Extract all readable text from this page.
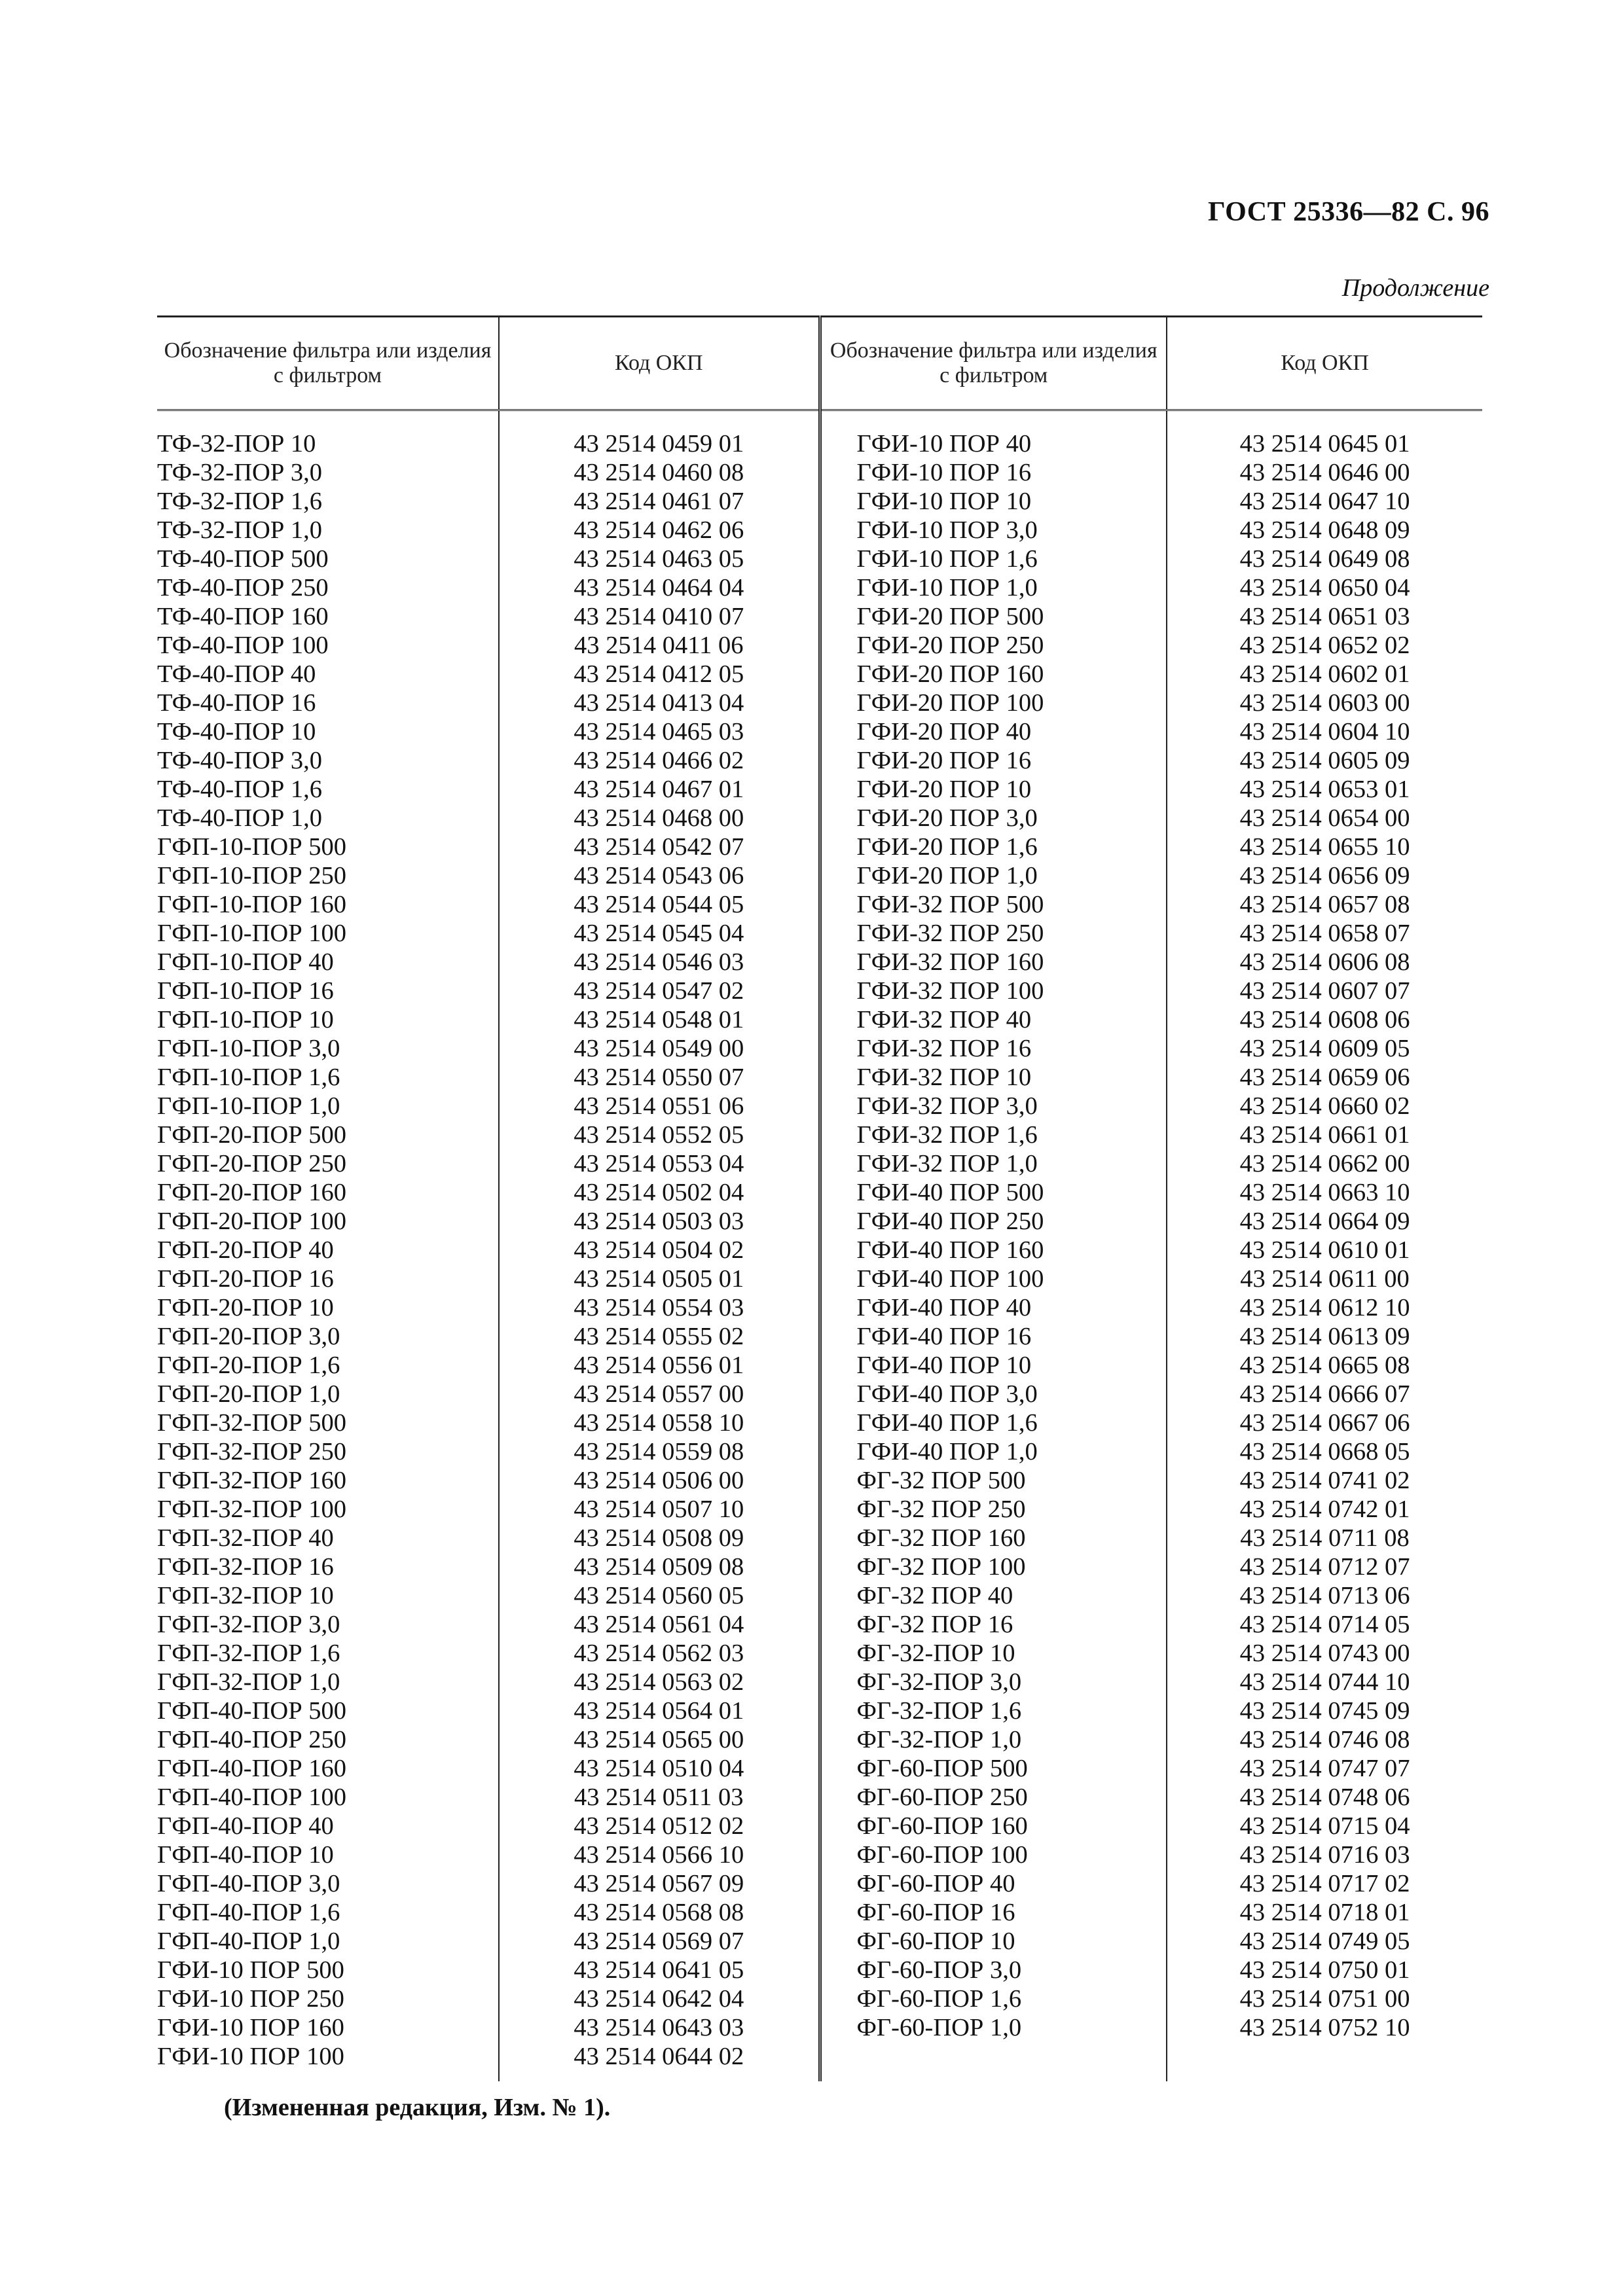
ГОСТ 25336—82 С. 96
Продолжение
Обозначение фильтра или изделия с фильтром	Код ОКП	Обозначение фильтра или изделия с фильтром	Код ОКП
ТФ-32-ПОР 10	43 2514 0459 01	ГФИ-10 ПОР 40	43 2514 0645 01
ТФ-32-ПОР 3,0	43 2514 0460 08	ГФИ-10 ПОР 16	43 2514 0646 00
ТФ-32-ПОР 1,6	43 2514 0461 07	ГФИ-10 ПОР 10	43 2514 0647 10
ТФ-32-ПОР 1,0	43 2514 0462 06	ГФИ-10 ПОР 3,0	43 2514 0648 09
ТФ-40-ПОР 500	43 2514 0463 05	ГФИ-10 ПОР 1,6	43 2514 0649 08
ТФ-40-ПОР 250	43 2514 0464 04	ГФИ-10 ПОР 1,0	43 2514 0650 04
ТФ-40-ПОР 160	43 2514 0410 07	ГФИ-20 ПОР 500	43 2514 0651 03
ТФ-40-ПОР 100	43 2514 0411 06	ГФИ-20 ПОР 250	43 2514 0652 02
ТФ-40-ПОР 40	43 2514 0412 05	ГФИ-20 ПОР 160	43 2514 0602 01
ТФ-40-ПОР 16	43 2514 0413 04	ГФИ-20 ПОР 100	43 2514 0603 00
ТФ-40-ПОР 10	43 2514 0465 03	ГФИ-20 ПОР 40	43 2514 0604 10
ТФ-40-ПОР 3,0	43 2514 0466 02	ГФИ-20 ПОР 16	43 2514 0605 09
ТФ-40-ПОР 1,6	43 2514 0467 01	ГФИ-20 ПОР 10	43 2514 0653 01
ТФ-40-ПОР 1,0	43 2514 0468 00	ГФИ-20 ПОР 3,0	43 2514 0654 00
ГФП-10-ПОР 500	43 2514 0542 07	ГФИ-20 ПОР 1,6	43 2514 0655 10
ГФП-10-ПОР 250	43 2514 0543 06	ГФИ-20 ПОР 1,0	43 2514 0656 09
ГФП-10-ПОР 160	43 2514 0544 05	ГФИ-32 ПОР 500	43 2514 0657 08
ГФП-10-ПОР 100	43 2514 0545 04	ГФИ-32 ПОР 250	43 2514 0658 07
ГФП-10-ПОР 40	43 2514 0546 03	ГФИ-32 ПОР 160	43 2514 0606 08
ГФП-10-ПОР 16	43 2514 0547 02	ГФИ-32 ПОР 100	43 2514 0607 07
ГФП-10-ПОР 10	43 2514 0548 01	ГФИ-32 ПОР 40	43 2514 0608 06
ГФП-10-ПОР 3,0	43 2514 0549 00	ГФИ-32 ПОР 16	43 2514 0609 05
ГФП-10-ПОР 1,6	43 2514 0550 07	ГФИ-32 ПОР 10	43 2514 0659 06
ГФП-10-ПОР 1,0	43 2514 0551 06	ГФИ-32 ПОР 3,0	43 2514 0660 02
ГФП-20-ПОР 500	43 2514 0552 05	ГФИ-32 ПОР 1,6	43 2514 0661 01
ГФП-20-ПОР 250	43 2514 0553 04	ГФИ-32 ПОР 1,0	43 2514 0662 00
ГФП-20-ПОР 160	43 2514 0502 04	ГФИ-40 ПОР 500	43 2514 0663 10
ГФП-20-ПОР 100	43 2514 0503 03	ГФИ-40 ПОР 250	43 2514 0664 09
ГФП-20-ПОР 40	43 2514 0504 02	ГФИ-40 ПОР 160	43 2514 0610 01
ГФП-20-ПОР 16	43 2514 0505 01	ГФИ-40 ПОР 100	43 2514 0611 00
ГФП-20-ПОР 10	43 2514 0554 03	ГФИ-40 ПОР 40	43 2514 0612 10
ГФП-20-ПОР 3,0	43 2514 0555 02	ГФИ-40 ПОР 16	43 2514 0613 09
ГФП-20-ПОР 1,6	43 2514 0556 01	ГФИ-40 ПОР 10	43 2514 0665 08
ГФП-20-ПОР 1,0	43 2514 0557 00	ГФИ-40 ПОР 3,0	43 2514 0666 07
ГФП-32-ПОР 500	43 2514 0558 10	ГФИ-40 ПОР 1,6	43 2514 0667 06
ГФП-32-ПОР 250	43 2514 0559 08	ГФИ-40 ПОР 1,0	43 2514 0668 05
ГФП-32-ПОР 160	43 2514 0506 00	ФГ-32 ПОР 500	43 2514 0741 02
ГФП-32-ПОР 100	43 2514 0507 10	ФГ-32 ПОР 250	43 2514 0742 01
ГФП-32-ПОР 40	43 2514 0508 09	ФГ-32 ПОР 160	43 2514 0711 08
ГФП-32-ПОР 16	43 2514 0509 08	ФГ-32 ПОР 100	43 2514 0712 07
ГФП-32-ПОР 10	43 2514 0560 05	ФГ-32 ПОР 40	43 2514 0713 06
ГФП-32-ПОР 3,0	43 2514 0561 04	ФГ-32 ПОР 16	43 2514 0714 05
ГФП-32-ПОР 1,6	43 2514 0562 03	ФГ-32-ПОР 10	43 2514 0743 00
ГФП-32-ПОР 1,0	43 2514 0563 02	ФГ-32-ПОР 3,0	43 2514 0744 10
ГФП-40-ПОР 500	43 2514 0564 01	ФГ-32-ПОР 1,6	43 2514 0745 09
ГФП-40-ПОР 250	43 2514 0565 00	ФГ-32-ПОР 1,0	43 2514 0746 08
ГФП-40-ПОР 160	43 2514 0510 04	ФГ-60-ПОР 500	43 2514 0747 07
ГФП-40-ПОР 100	43 2514 0511 03	ФГ-60-ПОР 250	43 2514 0748 06
ГФП-40-ПОР 40	43 2514 0512 02	ФГ-60-ПОР 160	43 2514 0715 04
ГФП-40-ПОР 10	43 2514 0566 10	ФГ-60-ПОР 100	43 2514 0716 03
ГФП-40-ПОР 3,0	43 2514 0567 09	ФГ-60-ПОР 40	43 2514 0717 02
ГФП-40-ПОР 1,6	43 2514 0568 08	ФГ-60-ПОР 16	43 2514 0718 01
ГФП-40-ПОР 1,0	43 2514 0569 07	ФГ-60-ПОР 10	43 2514 0749 05
ГФИ-10 ПОР 500	43 2514 0641 05	ФГ-60-ПОР 3,0	43 2514 0750 01
ГФИ-10 ПОР 250	43 2514 0642 04	ФГ-60-ПОР 1,6	43 2514 0751 00
ГФИ-10 ПОР 160	43 2514 0643 03	ФГ-60-ПОР 1,0	43 2514 0752 10
ГФИ-10 ПОР 100	43 2514 0644 02		
(Измененная редакция, Изм. № 1).
